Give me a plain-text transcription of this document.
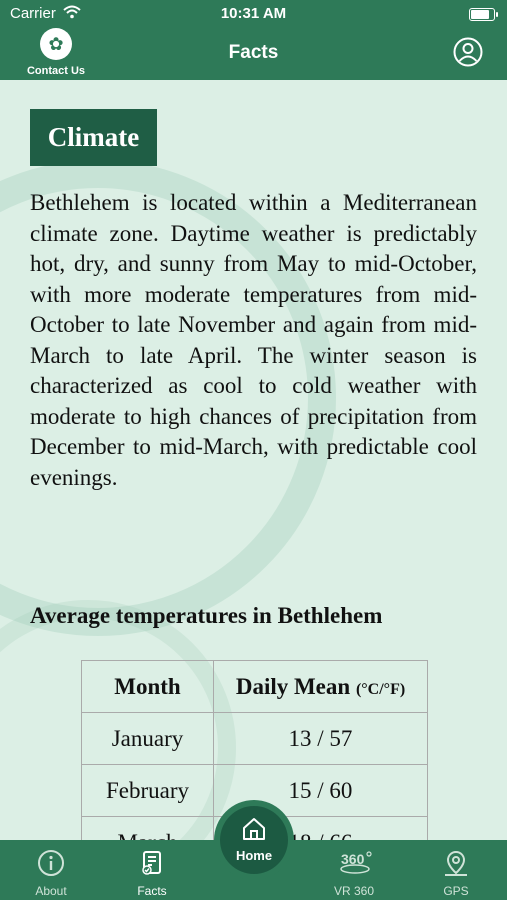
Carrier	10:31 AM
✿
Contact Us
Facts
Climate
Bethlehem is located within a Mediterranean climate zone. Daytime weather is predictably hot, dry, and sunny from May to mid-October, with more moderate temperatures from mid-October to late November and again from mid-March to late April. The winter season is characterized as cool to cold weather with moderate to high chances of precipitation from December to mid-March, with predictable cool evenings.
Average temperatures in Bethlehem
Month	Daily Mean (°C/°F)
January	13 / 57
February	15 / 60

About	Facts
360
VR 360	GPS
Home
